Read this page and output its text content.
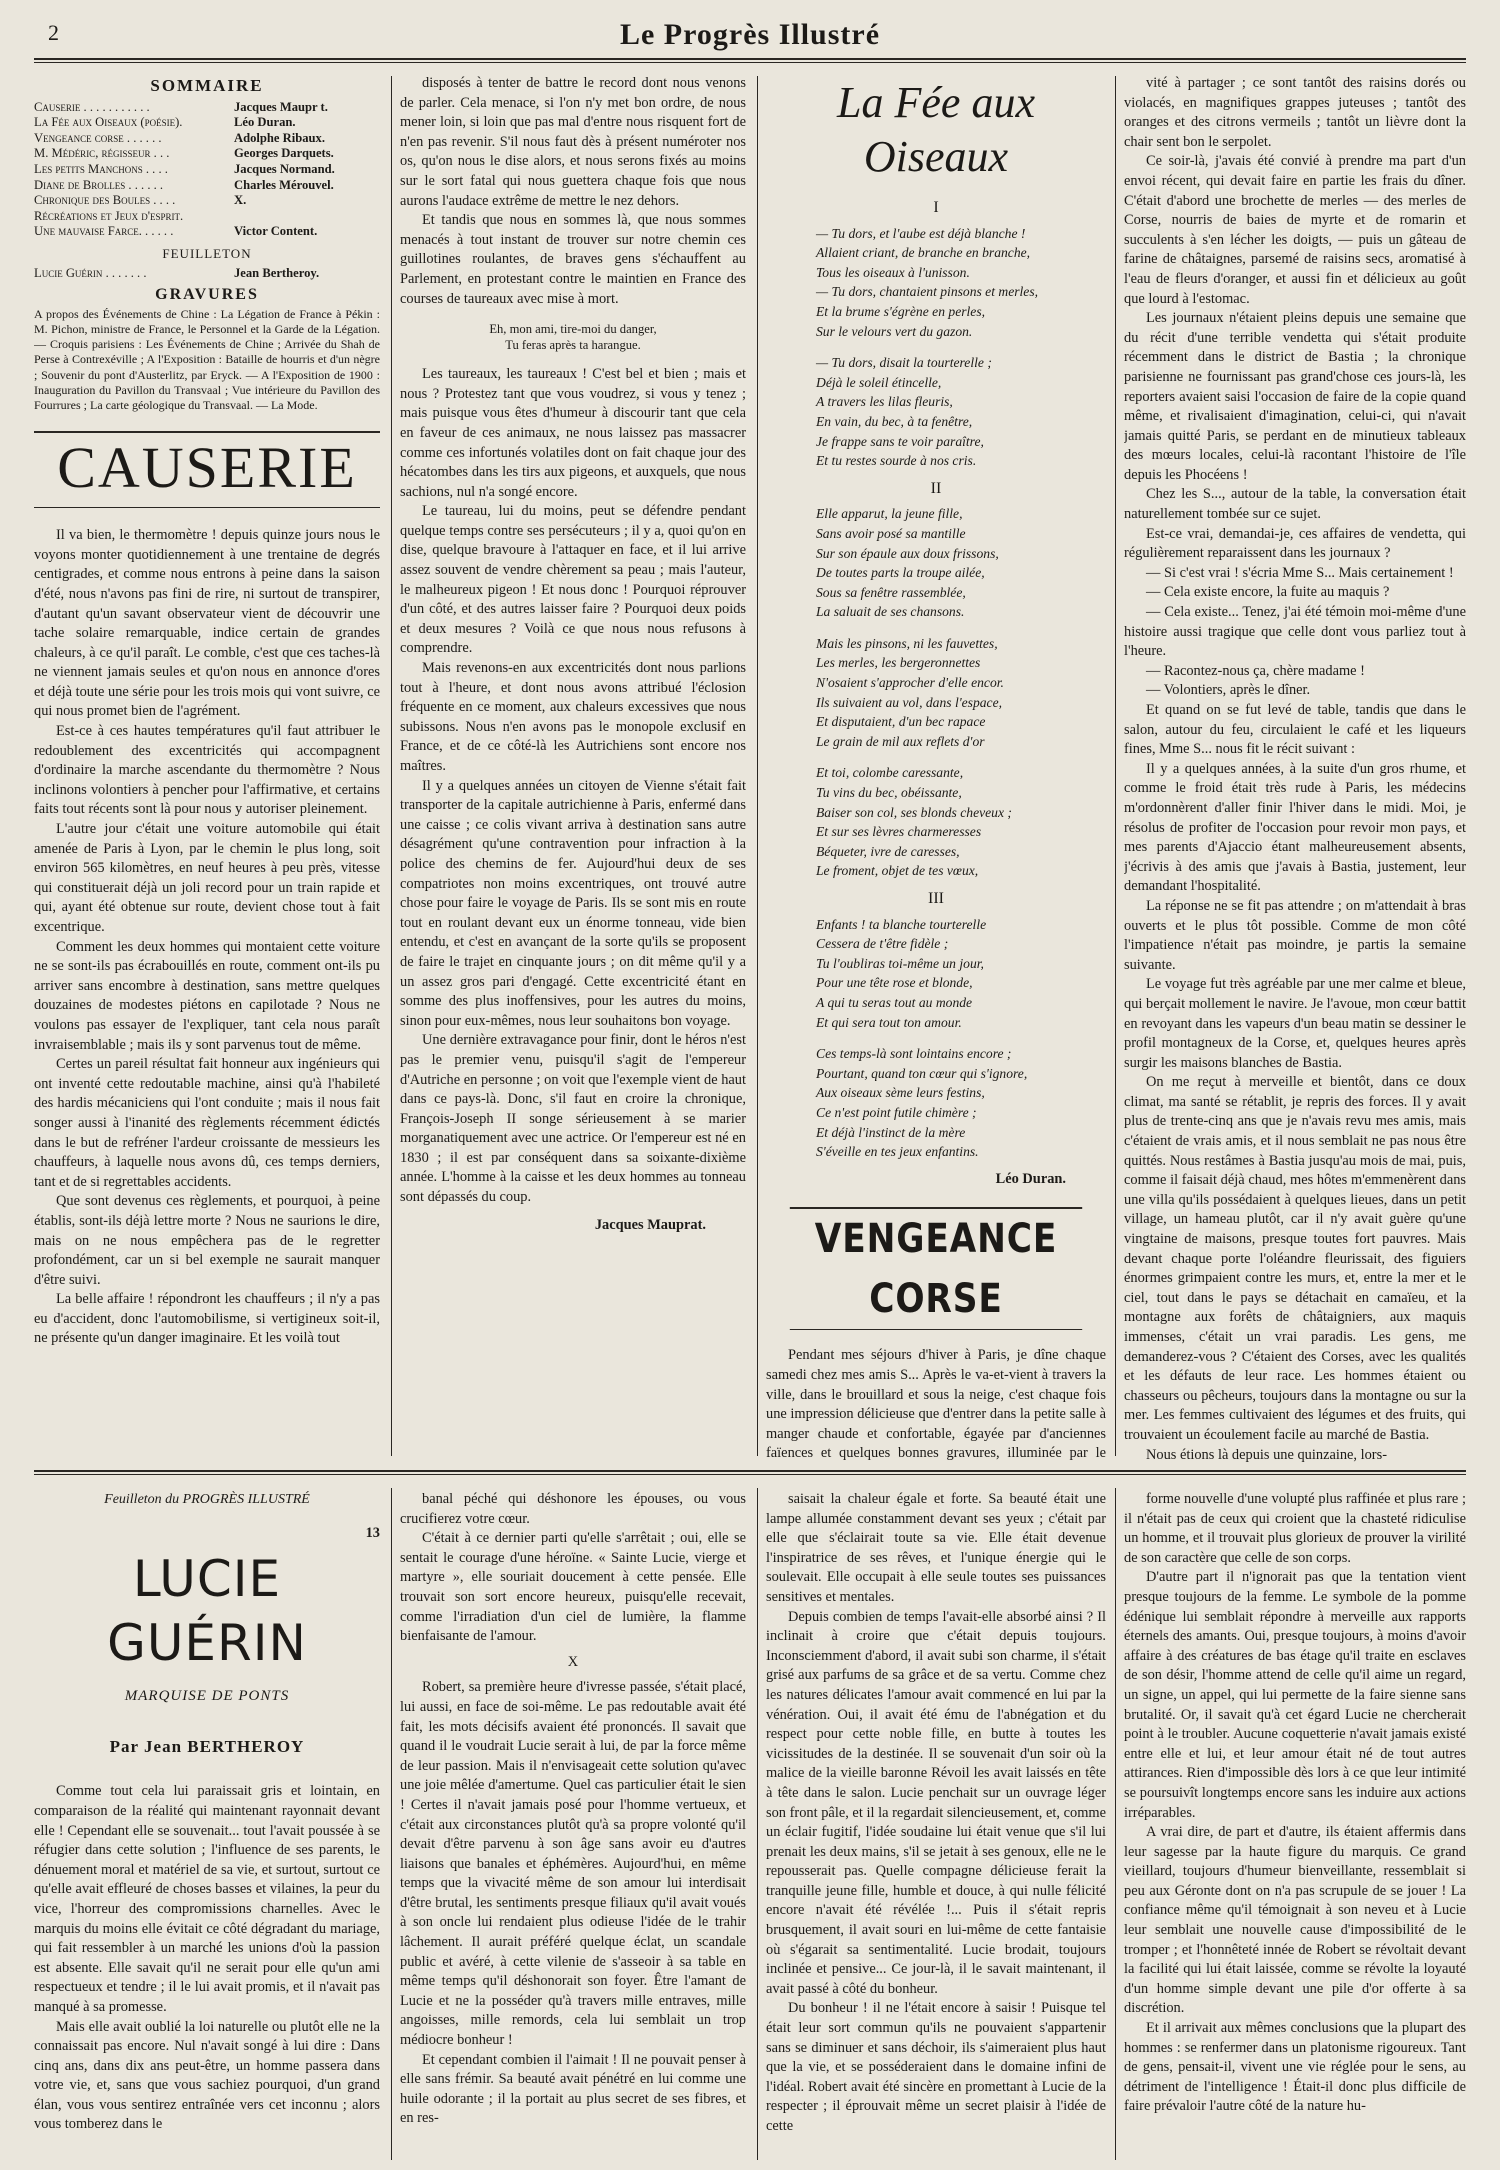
2	Le Progrès Illustré
SOMMAIRE
Causerie . . . . . . . . . . .	Jacques Maupr t.
La Fée aux Oiseaux (poésie).	Léo Duran.
Vengeance corse . . . . . .	Adolphe Ribaux.
M. Médéric, régisseur . . .	Georges Darquets.
Les petits Manchons . . . .	Jacques Normand.
Diane de Brolles . . . . . .	Charles Mérouvel.
Chronique des Boules . . . .	X.
Récréations et Jeux d'esprit.
Une mauvaise Farce. . . . . .	Victor Content.
FEUILLETON
Lucie Guérin . . . . . . .	Jean Bertheroy.
GRAVURES
A propos des Événements de Chine : La Légation de France à Pékin : M. Pichon, ministre de France, le Personnel et la Garde de la Légation. — Croquis parisiens : Les Événements de Chine ; Arrivée du Shah de Perse à Contrexéville ; A l'Exposition : Bataille de hourris et d'un nègre ; Souvenir du pont d'Austerlitz, par Eryck. — A l'Exposition de 1900 : Inauguration du Pavillon du Transvaal ; Vue intérieure du Pavillon des Fourrures ; La carte géologique du Transvaal. — La Mode.
CAUSERIE

Il va bien, le thermomètre ! depuis quinze jours nous le voyons monter quotidiennement à une trentaine de degrés centigrades, et comme nous entrons à peine dans la saison d'été, nous n'avons pas fini de rire, ni surtout de transpirer, d'autant qu'un savant observateur vient de découvrir une tache solaire remarquable, indice certain de grandes chaleurs, à ce qu'il paraît. Le comble, c'est que ces taches-là ne viennent jamais seules et qu'on nous en annonce d'ores et déjà toute une série pour les trois mois qui vont suivre, ce qui nous promet bien de l'agrément.

Est-ce à ces hautes températures qu'il faut attribuer le redoublement des excentricités qui accompagnent d'ordinaire la marche ascendante du thermomètre ? Nous inclinons volontiers à pencher pour l'affirmative, et certains faits tout récents sont là pour nous y autoriser pleinement.

L'autre jour c'était une voiture automobile qui était amenée de Paris à Lyon, par le chemin le plus long, soit environ 565 kilomètres, en neuf heures à peu près, vitesse qui constituerait déjà un joli record pour un train rapide et qui, ayant été obtenue sur route, devient chose tout à fait excentrique.

Comment les deux hommes qui montaient cette voiture ne se sont-ils pas écrabouillés en route, comment ont-ils pu arriver sans encombre à destination, sans mettre quelques douzaines de modestes piétons en capilotade ? Nous ne voulons pas essayer de l'expliquer, tant cela nous paraît invraisemblable ; mais ils y sont parvenus tout de même.

Certes un pareil résultat fait honneur aux ingénieurs qui ont inventé cette redoutable machine, ainsi qu'à l'habileté des hardis mécaniciens qui l'ont conduite ; mais il nous fait songer aussi à l'inanité des règlements récemment édictés dans le but de refréner l'ardeur croissante de messieurs les chauffeurs, à laquelle nous avons dû, ces temps derniers, tant et de si regrettables accidents.

Que sont devenus ces règlements, et pourquoi, à peine établis, sont-ils déjà lettre morte ? Nous ne saurions le dire, mais on ne nous empêchera pas de le regretter profondément, car un si bel exemple ne saurait manquer d'être suivi.

La belle affaire ! répondront les chauffeurs ; il n'y a pas eu d'accident, donc l'automobilisme, si vertigineux soit-il, ne présente qu'un danger imaginaire. Et les voilà tout

disposés à tenter de battre le record dont nous venons de parler. Cela menace, si l'on n'y met bon ordre, de nous mener loin, si loin que pas mal d'entre nous risquent fort de n'en pas revenir. S'il nous faut dès à présent numéroter nos os, qu'on nous le dise alors, et nous serons fixés au moins sur le sort fatal qui nous guettera chaque fois que nous aurons l'audace extrême de mettre le nez dehors.

Et tandis que nous en sommes là, que nous sommes menacés à tout instant de trouver sur notre chemin ces guillotines roulantes, de braves gens s'échauffent au Parlement, en protestant contre le maintien en France des courses de taureaux avec mise à mort.

Eh, mon ami, tire-moi du danger,
Tu feras après ta harangue.

Les taureaux, les taureaux ! C'est bel et bien ; mais et nous ? Protestez tant que vous voudrez, si vous y tenez ; mais puisque vous êtes d'humeur à discourir tant que cela en faveur de ces animaux, ne nous laissez pas massacrer comme ces infortunés volatiles dont on fait chaque jour des hécatombes dans les tirs aux pigeons, et auxquels, que nous sachions, nul n'a songé encore.

Le taureau, lui du moins, peut se défendre pendant quelque temps contre ses persécuteurs ; il y a, quoi qu'on en dise, quelque bravoure à l'attaquer en face, et il lui arrive assez souvent de vendre chèrement sa peau ; mais l'auteur, le malheureux pigeon ! Et nous donc ! Pourquoi réprouver d'un côté, et des autres laisser faire ? Pourquoi deux poids et deux mesures ? Voilà ce que nous nous refusons à comprendre.

Mais revenons-en aux excentricités dont nous parlions tout à l'heure, et dont nous avons attribué l'éclosion fréquente en ce moment, aux chaleurs excessives que nous subissons. Nous n'en avons pas le monopole exclusif en France, et de ce côté-là les Autrichiens sont encore nos maîtres.

Il y a quelques années un citoyen de Vienne s'était fait transporter de la capitale autrichienne à Paris, enfermé dans une caisse ; ce colis vivant arriva à destination sans autre désagrément qu'une contravention pour infraction à la police des chemins de fer. Aujourd'hui deux de ses compatriotes non moins excentriques, ont trouvé autre chose pour faire le voyage de Paris. Ils se sont mis en route tout en roulant devant eux un énorme tonneau, vide bien entendu, et c'est en avançant de la sorte qu'ils se proposent de faire le trajet en cinquante jours ; on dit même qu'il y a un assez gros pari d'engagé. Cette excentricité étant en somme des plus inoffensives, pour les autres du moins, sinon pour eux-mêmes, nous leur souhaitons bon voyage.

Une dernière extravagance pour finir, dont le héros n'est pas le premier venu, puisqu'il s'agit de l'empereur d'Autriche en personne ; on voit que l'exemple vient de haut dans ce pays-là. Donc, s'il faut en croire la chronique, François-Joseph II songe sérieusement à se marier morganatiquement avec une actrice. Or l'empereur est né en 1830 ; il est par conséquent dans sa soixante-dixième année. L'homme à la caisse et les deux hommes au tonneau sont dépassés du coup.

Jacques Mauprat.
La Fée aux Oiseaux
I
— Tu dors, et l'aube est déjà blanche !
Allaient criant, de branche en branche,
Tous les oiseaux à l'unisson.
— Tu dors, chantaient pinsons et merles,
Et la brume s'égrène en perles,
Sur le velours vert du gazon.
— Tu dors, disait la tourterelle ;
Déjà le soleil étincelle,
A travers les lilas fleuris,
En vain, du bec, à ta fenêtre,
Je frappe sans te voir paraître,
Et tu restes sourde à nos cris.
II
Elle apparut, la jeune fille,
Sans avoir posé sa mantille
Sur son épaule aux doux frissons,
De toutes parts la troupe ailée,
Sous sa fenêtre rassemblée,
La saluait de ses chansons.
Mais les pinsons, ni les fauvettes,
Les merles, les bergeronnettes
N'osaient s'approcher d'elle encor.
Ils suivaient au vol, dans l'espace,
Et disputaient, d'un bec rapace
Le grain de mil aux reflets d'or
Et toi, colombe caressante,
Tu vins du bec, obéissante,
Baiser son col, ses blonds cheveux ;
Et sur ses lèvres charmeresses
Béqueter, ivre de caresses,
Le froment, objet de tes vœux,
III
Enfants ! ta blanche tourterelle
Cessera de t'être fidèle ;
Tu l'oubliras toi-même un jour,
Pour une tête rose et blonde,
A qui tu seras tout au monde
Et qui sera tout ton amour.
Ces temps-là sont lointains encore ;
Pourtant, quand ton cœur qui s'ignore,
Aux oiseaux sème leurs festins,
Ce n'est point futile chimère ;
Et déjà l'instinct de la mère
S'éveille en tes jeux enfantins.
Léo Duran.
VENGEANCE CORSE

Pendant mes séjours d'hiver à Paris, je dîne chaque samedi chez mes amis S... Après le va-et-vient à travers la ville, dans le brouillard et sous la neige, c'est chaque fois une impression délicieuse que d'entrer dans la petite salle à manger chaude et confortable, égayée par d'anciennes faïences et quelques bonnes gravures, illuminée par le

vité à partager ; ce sont tantôt des raisins dorés ou violacés, en magnifiques grappes juteuses ; tantôt des oranges et des citrons vermeils ; tantôt un lièvre dont la chair sent bon le serpolet.

Ce soir-là, j'avais été convié à prendre ma part d'un envoi récent, qui devait faire en partie les frais du dîner. C'était d'abord une brochette de merles — des merles de Corse, nourris de baies de myrte et de romarin et succulents à s'en lécher les doigts, — puis un gâteau de farine de châtaignes, parsemé de raisins secs, aromatisé à l'eau de fleurs d'oranger, et aussi fin et délicieux au goût que lourd à l'estomac.

Les journaux n'étaient pleins depuis une semaine que du récit d'une terrible vendetta qui s'était produite récemment dans le district de Bastia ; la chronique parisienne ne fournissant pas grand'chose ces jours-là, les reporters avaient saisi l'occasion de faire de la copie quand même, et rivalisaient d'imagination, celui-ci, qui n'avait jamais quitté Paris, se perdant en de minutieux tableaux des mœurs locales, celui-là racontant l'histoire de l'île depuis les Phocéens !

Chez les S..., autour de la table, la conversation était naturellement tombée sur ce sujet.

Est-ce vrai, demandai-je, ces affaires de vendetta, qui régulièrement reparaissent dans les journaux ?

— Si c'est vrai ! s'écria Mme S... Mais certainement !

— Cela existe encore, la fuite au maquis ?

— Cela existe... Tenez, j'ai été témoin moi-même d'une histoire aussi tragique que celle dont vous parliez tout à l'heure.

— Racontez-nous ça, chère madame !

— Volontiers, après le dîner.

Et quand on se fut levé de table, tandis que dans le salon, autour du feu, circulaient le café et les liqueurs fines, Mme S... nous fit le récit suivant :

Il y a quelques années, à la suite d'un gros rhume, et comme le froid était très rude à Paris, les médecins m'ordonnèrent d'aller finir l'hiver dans le midi. Moi, je résolus de profiter de l'occasion pour revoir mon pays, et mes parents d'Ajaccio étant malheureusement absents, j'écrivis à des amis que j'avais à Bastia, justement, leur demandant l'hospitalité.

La réponse ne se fit pas attendre ; on m'attendait à bras ouverts et le plus tôt possible. Comme de mon côté l'impatience n'était pas moindre, je partis la semaine suivante.

Le voyage fut très agréable par une mer calme et bleue, qui berçait mollement le navire. Je l'avoue, mon cœur battit en revoyant dans les vapeurs d'un beau matin se dessiner le profil montagneux de la Corse, et, quelques heures après surgir les maisons blanches de Bastia.

On me reçut à merveille et bientôt, dans ce doux climat, ma santé se rétablit, je repris des forces. Il y avait plus de trente-cinq ans que je n'avais revu mes amis, mais c'étaient de vrais amis, et il nous semblait ne pas nous être quittés. Nous restâmes à Bastia jusqu'au mois de mai, puis, comme il faisait déjà chaud, mes hôtes m'emmenèrent dans une villa qu'ils possédaient à quelques lieues, dans un petit village, un hameau plutôt, car il n'y avait guère qu'une vingtaine de maisons, presque toutes fort pauvres. Mais devant chaque porte l'oléandre fleurissait, des figuiers énormes grimpaient contre les murs, et, entre la mer et le ciel, tout dans le pays se détachait en camaïeu, et la montagne aux forêts de châtaigniers, aux maquis immenses, c'était un vrai paradis. Les gens, me demanderez-vous ? C'étaient des Corses, avec les qualités et les défauts de leur race. Les hommes étaient ou chasseurs ou pêcheurs, toujours dans la montagne ou sur la mer. Les femmes cultivaient des légumes et des fruits, qui trouvaient un écoulement facile au marché de Bastia.

Nous étions là depuis une quinzaine, lors-

Feuilleton du PROGRÈS ILLUSTRÉ
13
LUCIE GUÉRIN
MARQUISE DE PONTS
Par Jean BERTHEROY

Comme tout cela lui paraissait gris et lointain, en comparaison de la réalité qui maintenant rayonnait devant elle ! Cependant elle se souvenait... tout l'avait poussée à se réfugier dans cette solution ; l'influence de ses parents, le dénuement moral et matériel de sa vie, et surtout, surtout ce qu'elle avait effleuré de choses basses et vilaines, la peur du vice, l'horreur des compromissions charnelles. Avec le marquis du moins elle évitait ce côté dégradant du mariage, qui fait ressembler à un marché les unions d'où la passion est absente. Elle savait qu'il ne serait pour elle qu'un ami respectueux et tendre ; il le lui avait promis, et il n'avait pas manqué à sa promesse.

Mais elle avait oublié la loi naturelle ou plutôt elle ne la connaissait pas encore. Nul n'avait songé à lui dire : Dans cinq ans, dans dix ans peut-être, un homme passera dans votre vie, et, sans que vous sachiez pourquoi, d'un grand élan, vous vous sentirez entraînée vers cet inconnu ; alors vous tomberez dans le

banal péché qui déshonore les épouses, ou vous crucifierez votre cœur.

C'était à ce dernier parti qu'elle s'arrêtait ; oui, elle se sentait le courage d'une héroïne. « Sainte Lucie, vierge et martyre », elle souriait doucement à cette pensée. Elle trouvait son sort encore heureux, puisqu'elle recevait, comme l'irradiation d'un ciel de lumière, la flamme bienfaisante de l'amour.

X

Robert, sa première heure d'ivresse passée, s'était placé, lui aussi, en face de soi-même. Le pas redoutable avait été fait, les mots décisifs avaient été prononcés. Il savait que quand il le voudrait Lucie serait à lui, de par la force même de leur passion. Mais il n'envisageait cette solution qu'avec une joie mêlée d'amertume. Quel cas particulier était le sien ! Certes il n'avait jamais posé pour l'homme vertueux, et c'était aux circonstances plutôt qu'à sa propre volonté qu'il devait d'être parvenu à son âge sans avoir eu d'autres liaisons que banales et éphémères. Aujourd'hui, en même temps que la vivacité même de son amour lui interdisait d'être brutal, les sentiments presque filiaux qu'il avait voués à son oncle lui rendaient plus odieuse l'idée de le trahir lâchement. Il aurait préféré quelque éclat, un scandale public et avéré, à cette vilenie de s'asseoir à sa table en même temps qu'il déshonorait son foyer. Être l'amant de Lucie et ne la posséder qu'à travers mille entraves, mille angoisses, mille remords, cela lui semblait un trop médiocre bonheur !

Et cependant combien il l'aimait ! Il ne pouvait penser à elle sans frémir. Sa beauté avait pénétré en lui comme une huile odorante ; il la portait au plus secret de ses fibres, et en res-

saisait la chaleur égale et forte. Sa beauté était une lampe allumée constamment devant ses yeux ; c'était par elle que s'éclairait toute sa vie. Elle était devenue l'inspiratrice de ses rêves, et l'unique énergie qui le soulevait. Elle occupait à elle seule toutes ses puissances sensitives et mentales.

Depuis combien de temps l'avait-elle absorbé ainsi ? Il inclinait à croire que c'était depuis toujours. Inconsciemment d'abord, il avait subi son charme, il s'était grisé aux parfums de sa grâce et de sa vertu. Comme chez les natures délicates l'amour avait commencé en lui par la vénération. Oui, il avait été ému de l'abnégation et du respect pour cette noble fille, en butte à toutes les vicissitudes de la destinée. Il se souvenait d'un soir où la malice de la vieille baronne Révoil les avait laissés en tête à tête dans le salon. Lucie penchait sur un ouvrage léger son front pâle, et il la regardait silencieusement, et, comme un éclair fugitif, l'idée soudaine lui était venue que s'il lui prenait les deux mains, s'il se jetait à ses genoux, elle ne le repousserait pas. Quelle compagne délicieuse ferait la tranquille jeune fille, humble et douce, à qui nulle félicité encore n'avait été révélée !... Puis il s'était repris brusquement, il avait souri en lui-même de cette fantaisie où s'égarait sa sentimentalité. Lucie brodait, toujours inclinée et pensive... Ce jour-là, il le savait maintenant, il avait passé à côté du bonheur.

Du bonheur ! il ne l'était encore à saisir ! Puisque tel était leur sort commun qu'ils ne pouvaient s'appartenir sans se diminuer et sans déchoir, ils s'aimeraient plus haut que la vie, et se posséderaient dans le domaine infini de l'idéal. Robert avait été sincère en promettant à Lucie de la respecter ; il éprouvait même un secret plaisir à l'idée de cette

forme nouvelle d'une volupté plus raffinée et plus rare ; il n'était pas de ceux qui croient que la chasteté ridiculise un homme, et il trouvait plus glorieux de prouver la virilité de son caractère que celle de son corps.

D'autre part il n'ignorait pas que la tentation vient presque toujours de la femme. Le symbole de la pomme édénique lui semblait répondre à merveille aux rapports éternels des amants. Oui, presque toujours, à moins d'avoir affaire à des créatures de bas étage qu'il traite en esclaves de son désir, l'homme attend de celle qu'il aime un regard, un signe, un appel, qui lui permette de la faire sienne sans brutalité. Or, il savait qu'à cet égard Lucie ne chercherait point à le troubler. Aucune coquetterie n'avait jamais existé entre elle et lui, et leur amour était né de tout autres attirances. Rien d'impossible dès lors à ce que leur intimité se poursuivît longtemps encore sans les induire aux actions irréparables.

A vrai dire, de part et d'autre, ils étaient affermis dans leur sagesse par la haute figure du marquis. Ce grand vieillard, toujours d'humeur bienveillante, ressemblait si peu aux Géronte dont on n'a pas scrupule de se jouer ! La confiance même qu'il témoignait à son neveu et à Lucie leur semblait une nouvelle cause d'impossibilité de le tromper ; et l'honnêteté innée de Robert se révoltait devant la facilité qui lui était laissée, comme se révolte la loyauté d'un homme simple devant une pile d'or offerte à sa discrétion.

Et il arrivait aux mêmes conclusions que la plupart des hommes : se renfermer dans un platonisme rigoureux. Tant de gens, pensait-il, vivent une vie réglée pour le sens, au détriment de l'intelligence ! Était-il donc plus difficile de faire prévaloir l'autre côté de la nature hu-
